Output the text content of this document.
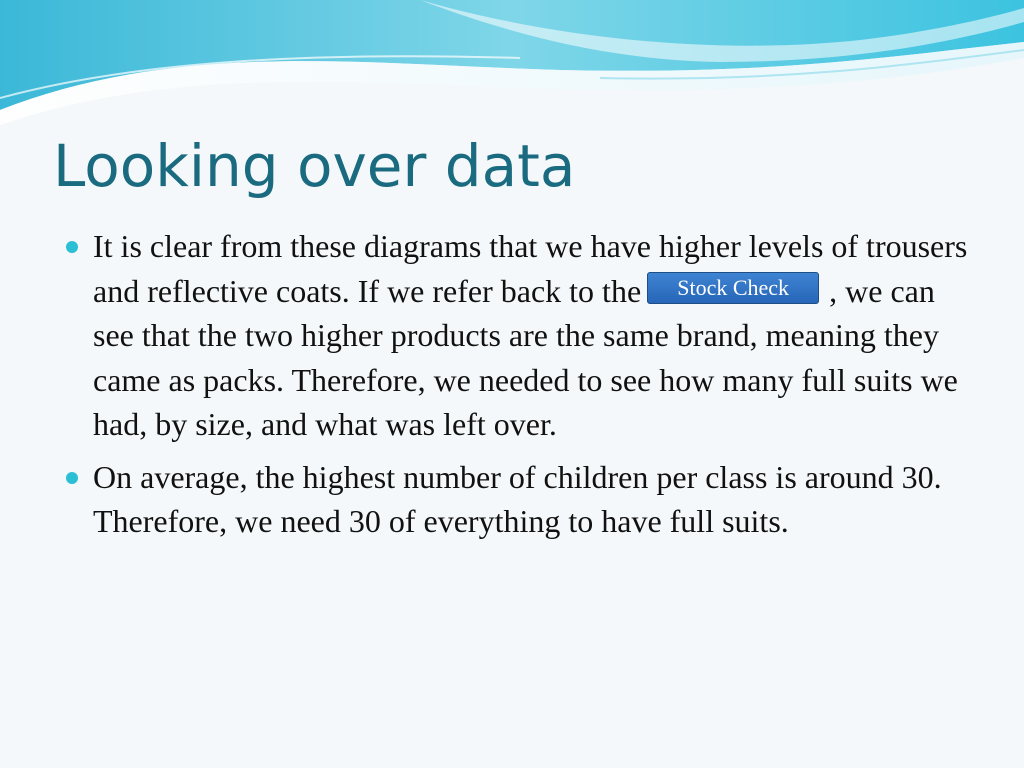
Looking over data
It is clear from these diagrams that we have higher levels of trousers and reflective coats. If we refer back to the	Stock Check	, we can see that the two higher products are the same brand, meaning they came as packs. Therefore, we needed to see how many full suits we had, by size, and what was left over.
On average, the highest number of children per class is around 30. Therefore, we need 30 of everything to have full suits.
